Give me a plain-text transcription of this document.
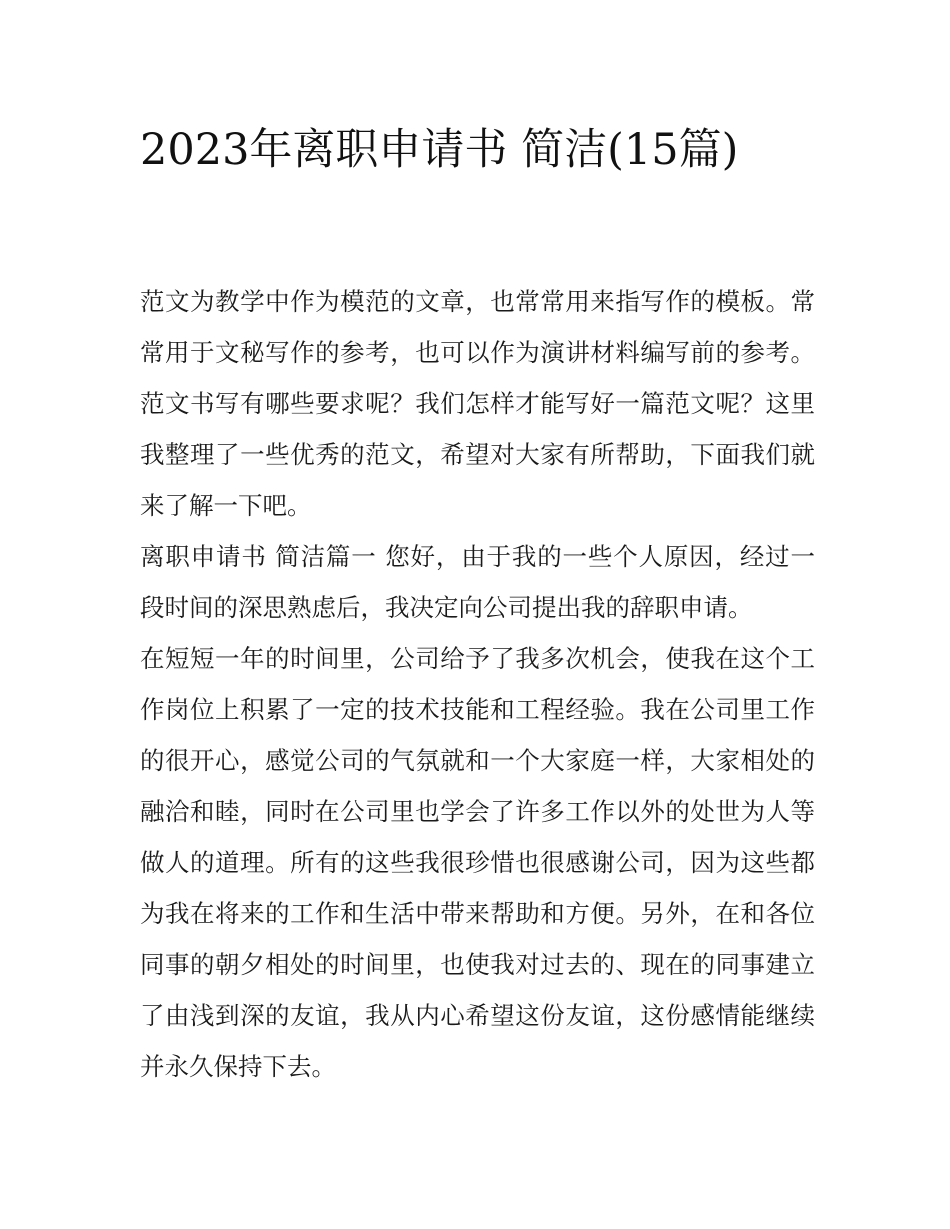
2023年离职申请书 简洁(15篇)

范文为教学中作为模范的文章，也常常用来指写作的模板。常常用于文秘写作的参考，也可以作为演讲材料编写前的参考。范文书写有哪些要求呢？我们怎样才能写好一篇范文呢？这里我整理了一些优秀的范文，希望对大家有所帮助，下面我们就来了解一下吧。

离职申请书 简洁篇一 您好，由于我的一些个人原因，经过一段时间的深思熟虑后，我决定向公司提出我的辞职申请。

在短短一年的时间里，公司给予了我多次机会，使我在这个工作岗位上积累了一定的技术技能和工程经验。我在公司里工作的很开心，感觉公司的气氛就和一个大家庭一样，大家相处的融洽和睦，同时在公司里也学会了许多工作以外的处世为人等做人的道理。所有的这些我很珍惜也很感谢公司，因为这些都为我在将来的工作和生活中带来帮助和方便。另外，在和各位同事的朝夕相处的时间里，也使我对过去的、现在的同事建立了由浅到深的友谊，我从内心希望这份友谊，这份感情能继续并永久保持下去。
